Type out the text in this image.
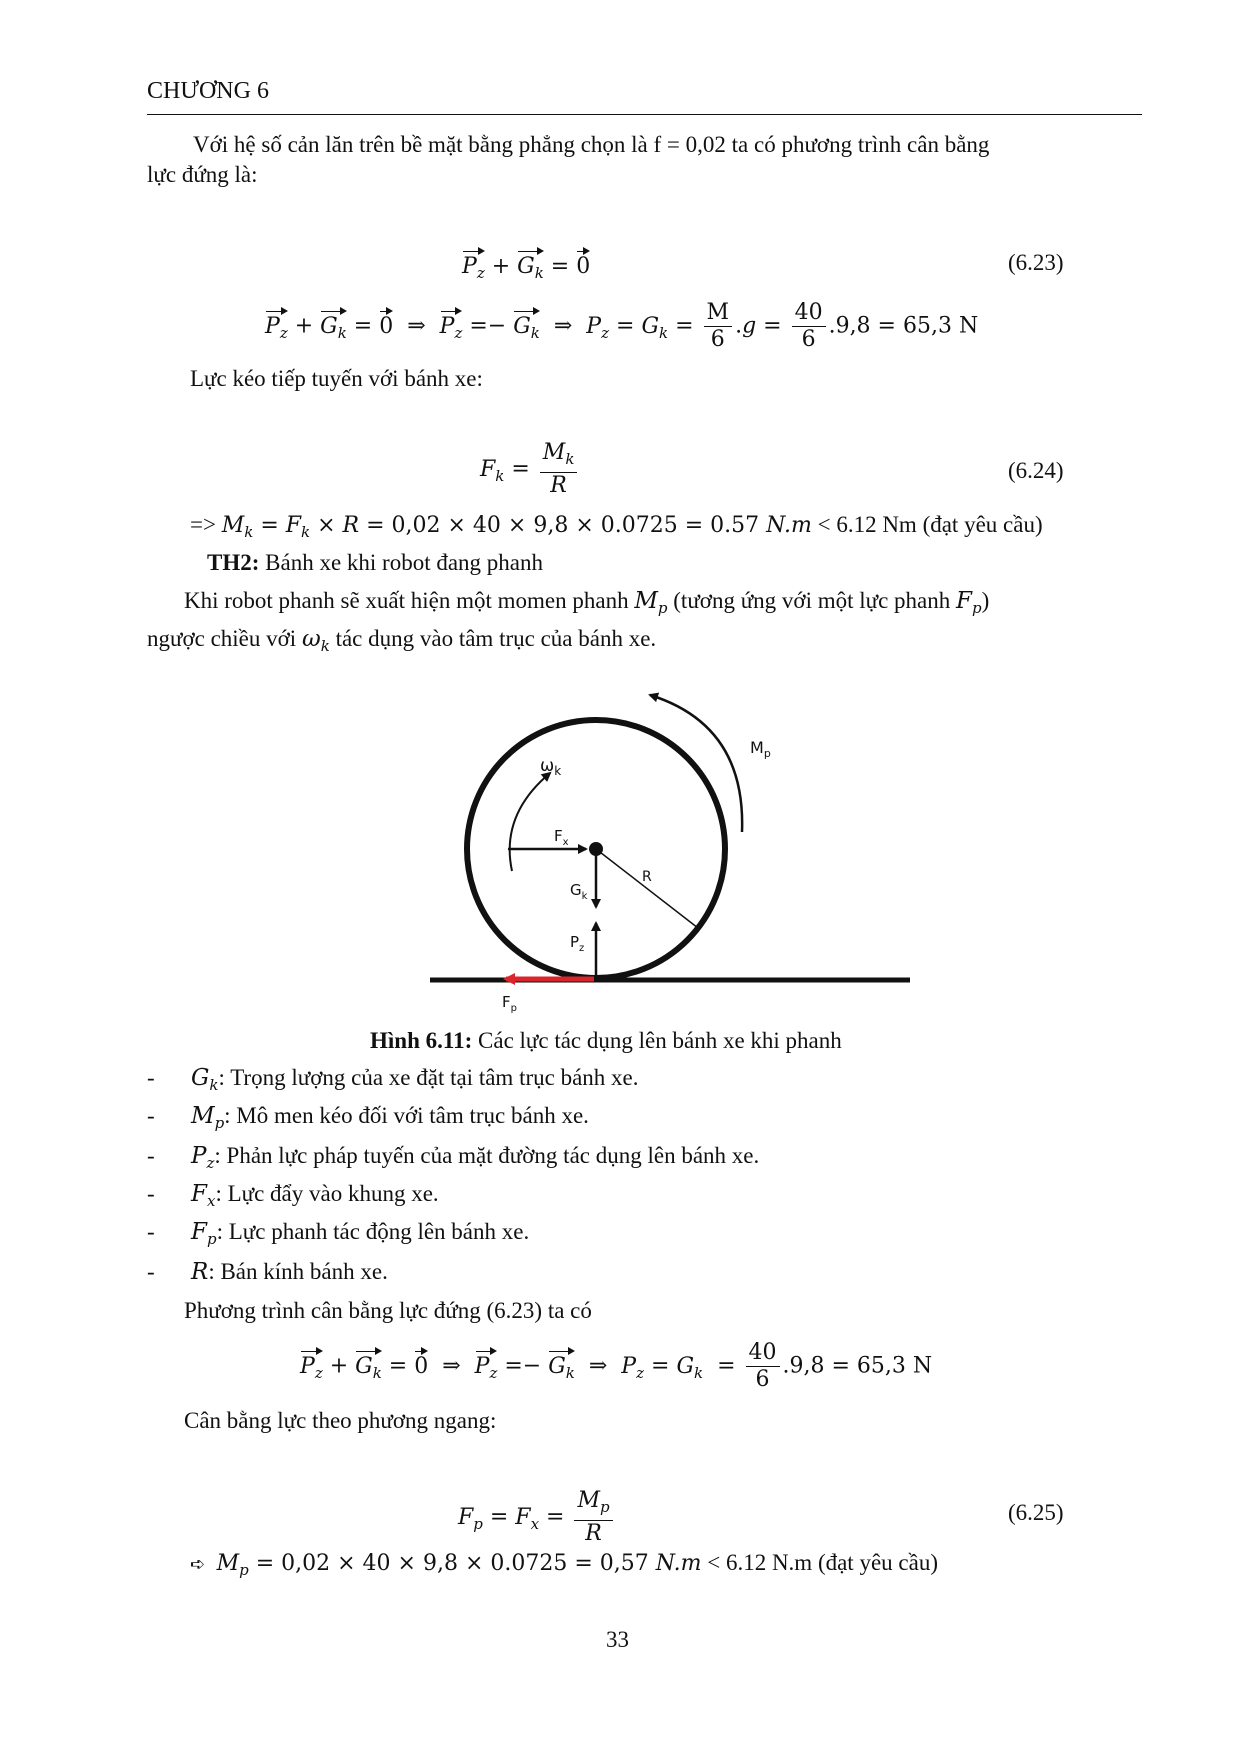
CHƯƠNG 6
Với hệ số cản lăn trên bề mặt bằng phẳng chọn là f = 0,02 ta có phương trình cân bằng
lực đứng là:
$P_z + G_k = 0$	(6.23)
$P_z + G_k = 0$  ⇒  $P_z =- G_k$  ⇒  $P_z = G_k = \frac{M}{6} .g = \frac{40}{6} .9,8 = 65,3$ N
Lực kéo tiếp tuyến với bánh xe:
$F_k = \frac{M_k}{R}$	(6.24)
=> $M_k = F_k \times R = 0,02 \times 40 \times 9,8 \times 0.0725 = 0.57$ N.m < 6.12 Nm (đạt yêu cầu)
TH2: Bánh xe khi robot đang phanh
Khi robot phanh sẽ xuất hiện một momen phanh $M_p$ (tương ứng với một lực phanh $F_p$)
ngược chiều với $\omega_k$ tác dụng vào tâm trục của bánh xe.
$\omega_k$
$M_p$
$F_x$
$G_k$
$P_z$
R
$F_p$
Hình 6.11: Các lực tác dụng lên bánh xe khi phanh
- $G_k$: Trọng lượng của xe đặt tại tâm trục bánh xe.
- $M_p$: Mô men kéo đối với tâm trục bánh xe.
- $P_z$: Phản lực pháp tuyến của mặt đường tác dụng lên bánh xe.
- $F_x$: Lực đẩy vào khung xe.
- $F_p$: Lực phanh tác động lên bánh xe.
- R: Bán kính bánh xe.
Phương trình cân bằng lực đứng (6.23) ta có
$P_z + G_k = 0$  ⇒  $P_z =- G_k$  ⇒  $P_z = G_k = \frac{40}{6} .9,8 = 65,3$ N
Cân bằng lực theo phương ngang:
$F_p = F_x = \frac{M_p}{R}$	(6.25)
➪ $M_p = 0,02 \times 40 \times 9,8 \times 0.0725 = 0,57$ N.m < 6.12 N.m (đạt yêu cầu)
33
